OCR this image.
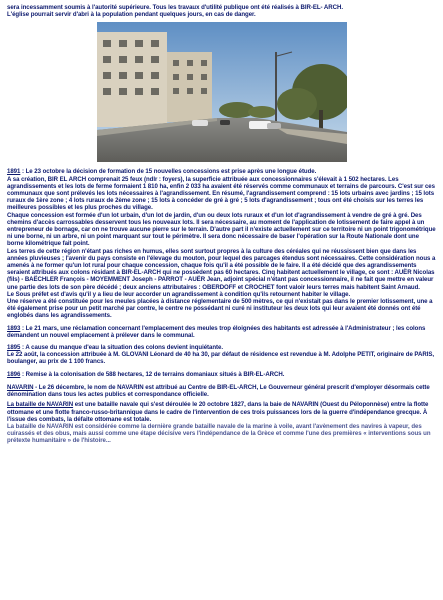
sera incessamment soumis à l'autorité supérieure. Tous les travaux d'utilité publique ont été réalisés à BIR-EL- ARCH.

L'église pourrait servir d'abri à la population pendant quelques jours, en cas de danger.

1891 : Le 23 octobre la décision de formation de 15 nouvelles concessions est prise après une longue étude.

A sa création, BIR EL ARCH comprenait 25 feux (ndlr : foyers), la superficie attribuée aux concessionnaires s'élevait à 1 502 hectares. Les agrandissements et les lots de ferme formaient 1 810 ha, enfin 2 033 ha avaient été réservés comme communaux et terrains de parcours. C'est sur ces communaux que sont prélevés les lots nécessaires à l'agrandissement. En résumé, l'agrandissement comprend : 15 lots urbains avec jardins ; 15 lots ruraux de 1ère zone ; 4 lots ruraux de 2ème zone ; 15 lots à concéder de gré à gré ; 5 lots d'agrandissement ; tous ont été choisis sur les terres les meilleures possibles et les plus proches du village.

Chaque concession est formée d'un lot urbain, d'un lot de jardin, d'un ou deux lots ruraux et d'un lot d'agrandissement à vendre de gré à gré. Des chemins d'accès carrossables desservent tous les nouveaux lots. Il sera nécessaire, au moment de l'application de lotissement de faire appel à un entrepreneur de bornage, car on ne trouve aucune pierre sur le terrain. D'autre part il n'existe actuellement sur ce territoire ni un point trigonométrique ni une borne, ni un arbre, ni un point marquant sur tout le périmètre. Il sera donc nécessaire de baser l'opération sur la Route Nationale dont une borne kilométrique fait point.

Les terres de cette région n'étant pas riches en humus, elles sont surtout propres à la culture des céréales qui ne réussissent bien que dans les années pluvieuses ; l'avenir du pays consiste en l'élevage du mouton, pour lequel des parcages étendus sont nécessaires. Cette considération nous a amenés à ne former qu'un lot rural pour chaque concession, chaque fois qu'il a été possible de le faire. Il a été décidé que des agrandissements seraient attribués aux colons résidant à BIR-EL-ARCH qui ne possèdent pas 60 hectares. Cinq habitent actuellement le village, ce sont : AUËR Nicolas (fils) - BAËCHLER François - MOYEMMENT Joseph - PARROT - AUËR Jean, adjoint spécial n'étant pas concessionnaire, il ne fait que mettre en valeur une partie des lots de son père décédé ; deux anciens attributaires : OBERDOFF et CROCHET font valoir leurs terres mais habitent Saint Arnaud.

Le Sous préfet est d'avis qu'il y a lieu de leur accorder un agrandissement à condition qu'ils retournent habiter le village.

Une réserve a été constituée pour les meules placées à distance réglementaire de 500 mètres, ce qui n'existait pas dans le premier lotissement, une a été également prise pour un petit marché par contre, le centre ne possédant ni curé ni instituteur les deux lots qui leur avaient été donnés ont été englobés dans les agrandissements.

1893 : Le 21 mars, une réclamation concernant l'emplacement des meules trop éloignées des habitants est adressée à l'Administrateur ; les colons demandent un nouvel emplacement à prélever dans le communal.

1895 : A cause du manque d'eau la situation des colons devient inquiétante.

Le 22 août, la concession attribuée à M. GLOVANI Léonard de 40 ha 30, par défaut de résidence est revendue à M. Adolphe PETIT, originaire de PARIS, boulanger, au prix de 1 100 francs.

1896 : Remise à la colonisation de 588 hectares, 12 de terrains domaniaux situés à BIR-EL-ARCH.

NAVARIN - Le 26 décembre, le nom de NAVARIN est attribué au Centre de BIR-EL-ARCH, Le Gouverneur général prescrit d'employer désormais cette dénomination dans tous les actes publics et correspondance officielle.

La bataille de NAVARIN est une bataille navale qui s'est déroulée le 20 octobre 1827, dans la baie de NAVARIN (Ouest du Péloponnèse) entre la flotte ottomane et une flotte franco-russo-britannique dans le cadre de l'intervention de ces trois puissances lors de la guerre d'indépendance grecque. À l'issue des combats, la défaite ottomane est totale.

La bataille de NAVARIN est considérée comme la dernière grande bataille navale de la marine à voile, avant l'avènement des navires à vapeur, des cuirassés et des obus, mais aussi comme une étape décisive vers l'indépendance de la Grèce et comme l'une des premières « interventions sous un prétexte humanitaire » de l'histoire...
